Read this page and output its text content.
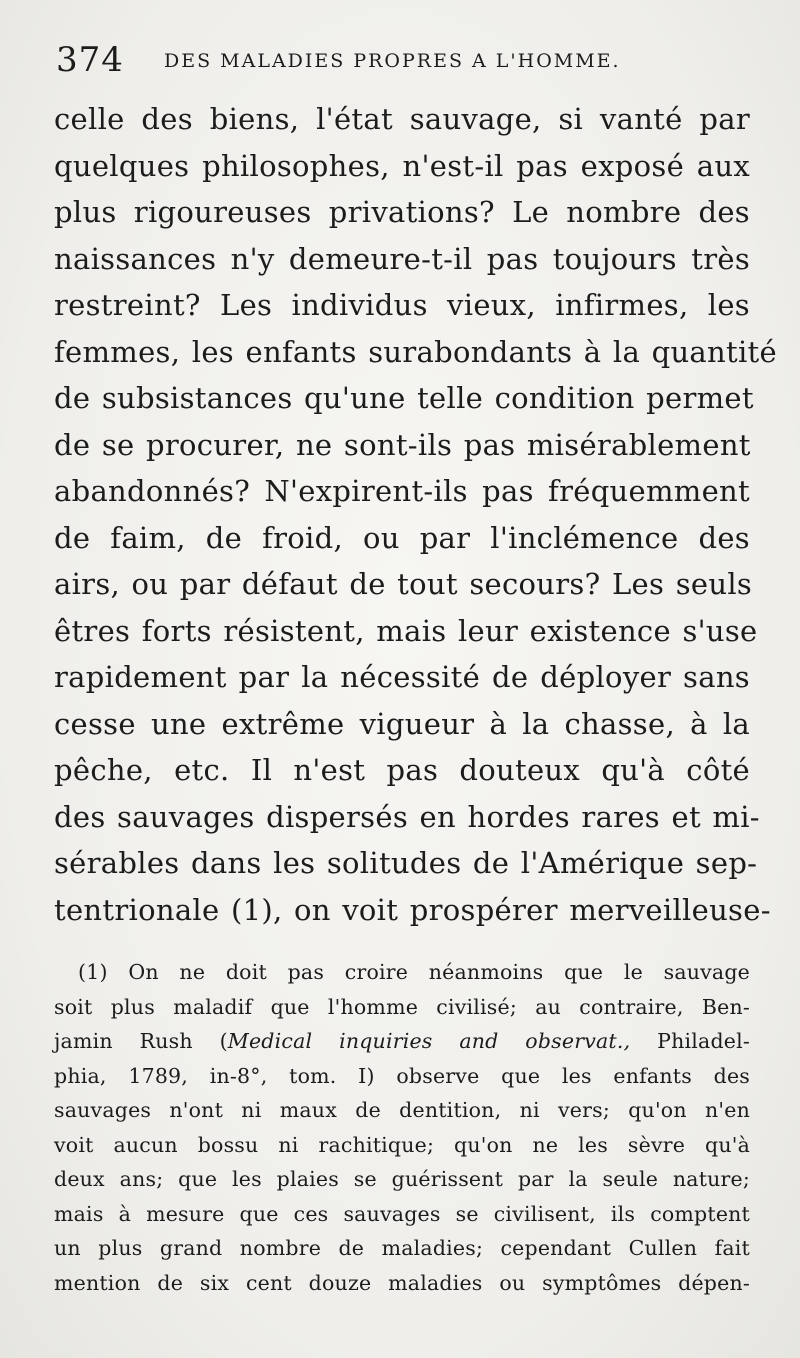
374 DES MALADIES PROPRES A L'HOMME.
celle des biens, l'état sauvage, si vanté par
quelques philosophes, n'est-il pas exposé aux
plus rigoureuses privations? Le nombre des
naissances n'y demeure-t-il pas toujours très
restreint? Les individus vieux, infirmes, les
femmes, les enfants surabondants à la quantité
de subsistances qu'une telle condition permet
de se procurer, ne sont-ils pas misérablement
abandonnés? N'expirent-ils pas fréquemment
de faim, de froid, ou par l'inclémence des
airs, ou par défaut de tout secours? Les seuls
êtres forts résistent, mais leur existence s'use
rapidement par la nécessité de déployer sans
cesse une extrême vigueur à la chasse, à la
pêche, etc. Il n'est pas douteux qu'à côté
des sauvages dispersés en hordes rares et mi-
sérables dans les solitudes de l'Amérique sep-
tentrionale (1), on voit prospérer merveilleuse-
(1) On ne doit pas croire néanmoins que le sauvage
soit plus maladif que l'homme civilisé; au contraire, Ben-
jamin Rush (Medical inquiries and observat., Philadel-
phia, 1789, in-8°, tom. I) observe que les enfants des
sauvages n'ont ni maux de dentition, ni vers; qu'on n'en
voit aucun bossu ni rachitique; qu'on ne les sèvre qu'à
deux ans; que les plaies se guérissent par la seule nature;
mais à mesure que ces sauvages se civilisent, ils comptent
un plus grand nombre de maladies; cependant Cullen fait
mention de six cent douze maladies ou symptômes dépen-
